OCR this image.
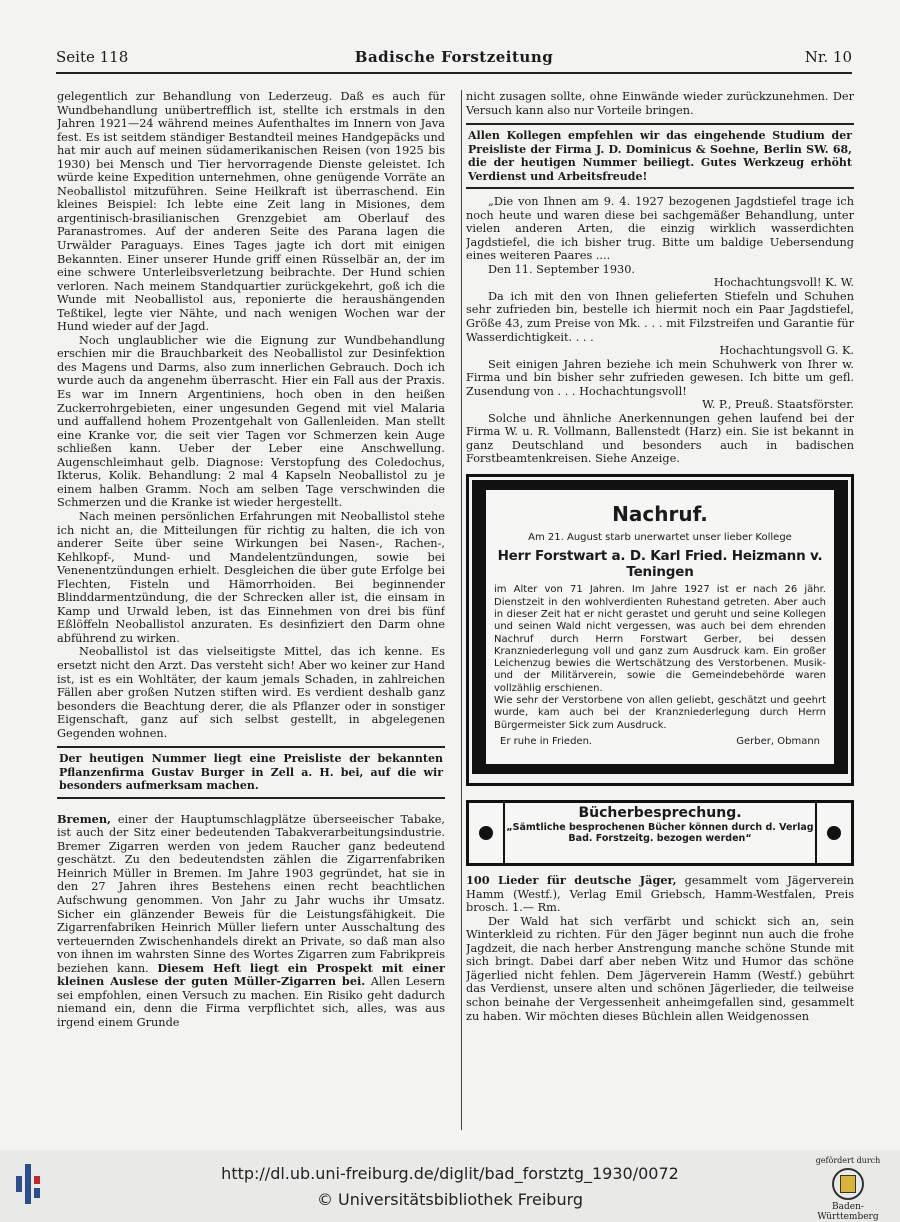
Seite 118	Badische Forstzeitung	Nr. 10

gelegentlich zur Behandlung von Lederzeug. Daß es auch für Wundbehandlung unübertrefflich ist, stellte ich erstmals in den Jahren 1921—24 während meines Aufenthaltes im Innern von Java fest. Es ist seitdem ständiger Bestandteil meines Handgepäcks und hat mir auch auf meinen südamerikanischen Reisen (von 1925 bis 1930) bei Mensch und Tier hervorragende Dienste geleistet. Ich würde keine Expedition unternehmen, ohne genügende Vorräte an Neoballistol mitzuführen. Seine Heilkraft ist überraschend. Ein kleines Beispiel: Ich lebte eine Zeit lang in Misiones, dem argentinisch-brasilianischen Grenzgebiet am Oberlauf des Paranastromes. Auf der anderen Seite des Parana lagen die Urwälder Paraguays. Eines Tages jagte ich dort mit einigen Bekannten. Einer unserer Hunde griff einen Rüsselbär an, der im eine schwere Unterleibsverletzung beibrachte. Der Hund schien verloren. Nach meinem Standquartier zurückgekehrt, goß ich die Wunde mit Neoballistol aus, reponierte die heraushängenden Teßtikel, legte vier Nähte, und nach wenigen Wochen war der Hund wieder auf der Jagd.

Noch unglaublicher wie die Eignung zur Wundbehandlung erschien mir die Brauchbarkeit des Neoballistol zur Desinfektion des Magens und Darms, also zum innerlichen Gebrauch. Doch ich wurde auch da angenehm überrascht. Hier ein Fall aus der Praxis. Es war im Innern Argentiniens, hoch oben in den heißen Zuckerrohrgebieten, einer ungesunden Gegend mit viel Malaria und auffallend hohem Prozentgehalt von Gallenleiden. Man stellt eine Kranke vor, die seit vier Tagen vor Schmerzen kein Auge schließen kann. Ueber der Leber eine Anschwellung. Augenschleimhaut gelb. Diagnose: Verstopfung des Coledochus, Ikterus, Kolik. Behandlung: 2 mal 4 Kapseln Neoballistol zu je einem halben Gramm. Noch am selben Tage verschwinden die Schmerzen und die Kranke ist wieder hergestellt.

Nach meinen persönlichen Erfahrungen mit Neoballistol stehe ich nicht an, die Mitteilungen für richtig zu halten, die ich von anderer Seite über seine Wirkungen bei Nasen-, Rachen-, Kehlkopf-, Mund- und Mandelentzündungen, sowie bei Venenentzündungen erhielt. Desgleichen die über gute Erfolge bei Flechten, Fisteln und Hämorrhoiden. Bei beginnender Blinddarmentzündung, die der Schrecken aller ist, die einsam in Kamp und Urwald leben, ist das Einnehmen von drei bis fünf Eßlöffeln Neoballistol anzuraten. Es desinfiziert den Darm ohne abführend zu wirken.

Neoballistol ist das vielseitigste Mittel, das ich kenne. Es ersetzt nicht den Arzt. Das versteht sich! Aber wo keiner zur Hand ist, ist es ein Wohltäter, der kaum jemals Schaden, in zahlreichen Fällen aber großen Nutzen stiften wird. Es verdient deshalb ganz besonders die Beachtung derer, die als Pflanzer oder in sonstiger Eigenschaft, ganz auf sich selbst gestellt, in abgelegenen Gegenden wohnen.

Der heutigen Nummer liegt eine Preisliste der bekannten Pflanzenfirma Gustav Burger in Zell a. H. bei, auf die wir besonders aufmerksam machen.

Bremen, einer der Hauptumschlagplätze überseeischer Tabake, ist auch der Sitz einer bedeutenden Tabakverarbeitungsindustrie. Bremer Zigarren werden von jedem Raucher ganz bedeutend geschätzt. Zu den bedeutendsten zählen die Zigarrenfabriken Heinrich Müller in Bremen. Im Jahre 1903 gegründet, hat sie in den 27 Jahren ihres Bestehens einen recht beachtlichen Aufschwung genommen. Von Jahr zu Jahr wuchs ihr Umsatz. Sicher ein glänzender Beweis für die Leistungsfähigkeit. Die Zigarrenfabriken Heinrich Müller liefern unter Ausschaltung des verteuernden Zwischenhandels direkt an Private, so daß man also von ihnen im wahrsten Sinne des Wortes Zigarren zum Fabrikpreis beziehen kann. Diesem Heft liegt ein Prospekt mit einer kleinen Auslese der guten Müller-Zigarren bei. Allen Lesern sei empfohlen, einen Versuch zu machen. Ein Risiko geht dadurch niemand ein, denn die Firma verpflichtet sich, alles, was aus irgend einem Grunde

nicht zusagen sollte, ohne Einwände wieder zurückzunehmen. Der Versuch kann also nur Vorteile bringen.

Allen Kollegen empfehlen wir das eingehende Studium der Preisliste der Firma J. D. Dominicus & Soehne, Berlin SW. 68, die der heutigen Nummer beiliegt. Gutes Werkzeug erhöht Verdienst und Arbeitsfreude!

„Die von Ihnen am 9. 4. 1927 bezogenen Jagdstiefel trage ich noch heute und waren diese bei sachgemäßer Behandlung, unter vielen anderen Arten, die einzig wirklich wasserdichten Jagdstiefel, die ich bisher trug. Bitte um baldige Uebersendung eines weiteren Paares ....

Den 11. September 1930.

Hochachtungsvoll! K. W.

Da ich mit den von Ihnen gelieferten Stiefeln und Schuhen sehr zufrieden bin, bestelle ich hiermit noch ein Paar Jagdstiefel, Größe 43, zum Preise von Mk. . . . mit Filzstreifen und Garantie für Wasserdichtigkeit. . . .

Hochachtungsvoll G. K.

Seit einigen Jahren beziehe ich mein Schuhwerk von Ihrer w. Firma und bin bisher sehr zufrieden gewesen. Ich bitte um gefl. Zusendung von . . . Hochachtungsvoll!

W. P., Preuß. Staatsförster.

Solche und ähnliche Anerkennungen gehen laufend bei der Firma W. u. R. Vollmann, Ballenstedt (Harz) ein. Sie ist bekannt in ganz Deutschland und besonders auch in badischen Forstbeamtenkreisen. Siehe Anzeige.

Nachruf.
Am 21. August starb unerwartet unser lieber Kollege
Herr Forstwart a. D. Karl Fried. Heizmann v. Teningen
im Alter von 71 Jahren. Im Jahre 1927 ist er nach 26 jähr. Dienstzeit in den wohlverdienten Ruhestand getreten. Aber auch in dieser Zeit hat er nicht gerastet und geruht und seine Kollegen und seinen Wald nicht vergessen, was auch bei dem ehrenden Nachruf durch Herrn Forstwart Gerber, bei dessen Kranzniederlegung voll und ganz zum Ausdruck kam. Ein großer Leichenzug bewies die Wertschätzung des Verstorbenen. Musik- und der Militärverein, sowie die Gemeindebehörde waren vollzählig erschienen.
Wie sehr der Verstorbene von allen geliebt, geschätzt und geehrt wurde, kam auch bei der Kranzniederlegung durch Herrn Bürgermeister Sick zum Ausdruck.
Er ruhe in Frieden.	Gerber, Obmann
Bücherbesprechung.
„Sämtliche besprochenen Bücher können durch d. Verlag Bad. Forstzeitg. bezogen werden“

100 Lieder für deutsche Jäger, gesammelt vom Jägerverein Hamm (Westf.), Verlag Emil Griebsch, Hamm-Westfalen, Preis brosch. 1.— Rm.

Der Wald hat sich verfärbt und schickt sich an, sein Winterkleid zu richten. Für den Jäger beginnt nun auch die frohe Jagdzeit, die nach herber Anstrengung manche schöne Stunde mit sich bringt. Dabei darf aber neben Witz und Humor das schöne Jägerlied nicht fehlen. Dem Jägerverein Hamm (Westf.) gebührt das Verdienst, unsere alten und schönen Jägerlieder, die teilweise schon beinahe der Vergessenheit anheimgefallen sind, gesammelt zu haben. Wir möchten dieses Büchlein allen Weidgenossen

http://dl.ub.uni-freiburg.de/diglit/bad_forstztg_1930/0072
© Universitätsbibliothek Freiburg
gefördert durch
Baden-Württemberg
